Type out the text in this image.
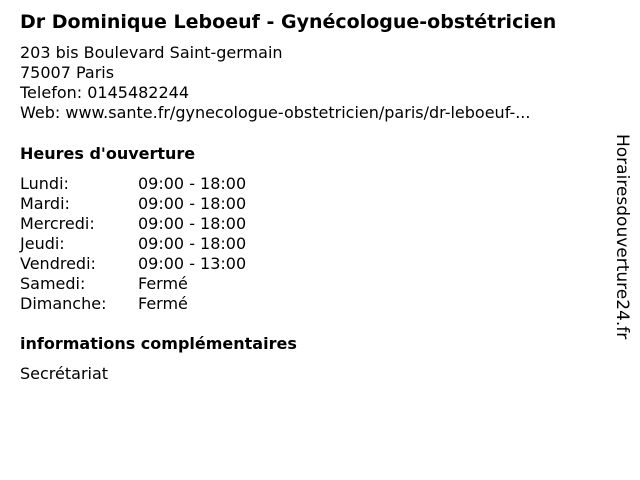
Dr Dominique Leboeuf - Gynécologue-obstétricien
203 bis Boulevard Saint-germain
75007 Paris
Telefon: 0145482244
Web: www.sante.fr/gynecologue-obstetricien/paris/dr-leboeuf-...
Heures d'ouverture
Lundi:	09:00 - 18:00
Mardi:	09:00 - 18:00
Mercredi:	09:00 - 18:00
Jeudi:	09:00 - 18:00
Vendredi:	09:00 - 13:00
Samedi:	Fermé
Dimanche: Fermé
informations complémentaires
Secrétariat
Horairesdouverture24.fr
